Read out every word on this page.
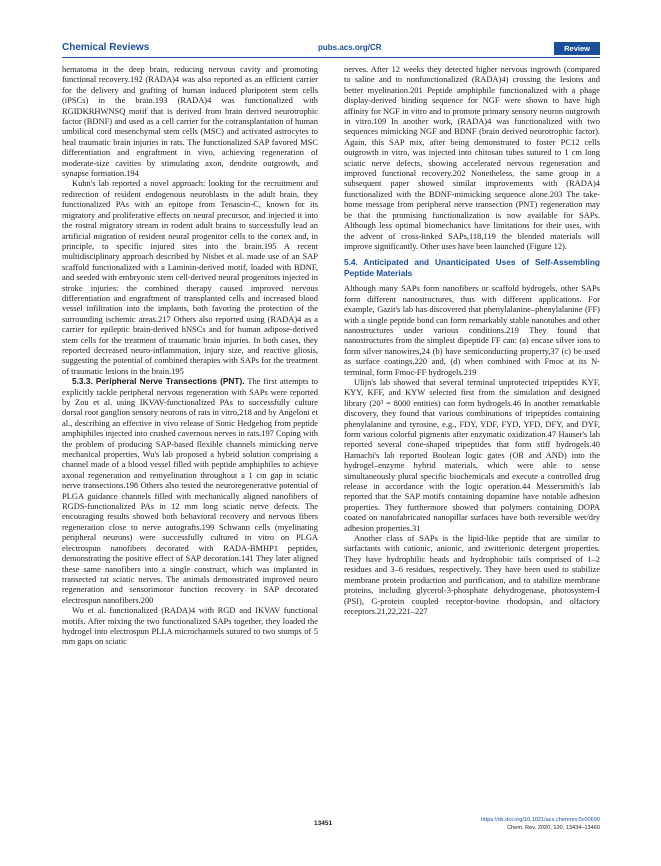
Chemical Reviews	pubs.acs.org/CR	Review

hematoma in the deep brain, reducing nervous cavity and promoting functional recovery.192 (RADA)4 was also reported as an efficient carrier for the delivery and grafting of human induced pluripotent stem cells (iPSCs) in the brain.193 (RADA)4 was functionalized with RGIDKRHWNSQ motif that is derived from brain derived neurotrophic factor (BDNF) and used as a cell carrier for the cotransplantation of human umbilical cord mesenchymal stem cells (MSC) and activated astrocytes to heal traumatic brain injuries in rats. The functionalized SAP favored MSC differentiation and engraftment in vivo, achieving regeneration of moderate-size cavities by stimulating axon, dendrite outgrowth, and synapse formation.194

Kuhn's lab reported a novel approach: looking for the recruitment and redirection of resident endogenous neuroblasts in the adult brain, they functionalized PAs with an epitope from Tenascin-C, known for its migratory and proliferative effects on neural precursor, and injected it into the rostral migratory stream in rodent adult brains to successfully lead an artificial migration of resident neural progenitor cells to the cortex and, in principle, to specific injured sites into the brain.195 A recent multidisciplinary approach described by Nisbet et al. made use of an SAP scaffold functionalized with a Laminin-derived motif, loaded with BDNF, and seeded with embryonic stem cell-derived neural progenitors injected in stroke injuries: the combined therapy caused improved nervous differentiation and engraftment of transplanted cells and increased blood vessel infiltration into the implants, both favoring the protection of the surrounding ischemic areas.217 Others also reported using (RADA)4 as a carrier for epileptic brain-derived hNSCs and for human adipose-derived stem cells for the treatment of traumatic brain injuries. In both cases, they reported decreased neuro-inflammation, injury size, and reactive gliosis, suggesting the potential of combined therapies with SAPs for the treatment of traumatic lesions in the brain.195

5.3.3. Peripheral Nerve Transections (PNT). The first attempts to explicitly tackle peripheral nervous regeneration with SAPs were reported by Zou et al. using IKVAV-functionalized PAs to successfully culture dorsal root ganglion sensory neurons of rats in vitro,218 and by Angeloni et al., describing an effective in vivo release of Sonic Hedgehog from peptide amphiphiles injected into crushed cavernous nerves in rats.197 Coping with the problem of producing SAP-based flexible channels mimicking nerve mechanical properties, Wu's lab proposed a hybrid solution comprising a channel made of a blood vessel filled with peptide amphiphiles to achieve axonal regeneration and remyelination throughout a 1 cm gap in sciatic nerve transections.198 Others also tested the neuroregenerative potential of PLGA guidance channels filled with mechanically aligned nanofibers of RGDS-functionalized PAs in 12 mm long sciatic nerve defects. The encouraging results showed both behavioral recovery and nervous fibers regeneration close to nerve autografts.199 Schwann cells (myelinating peripheral neurons) were successfully cultured in vitro on PLGA electrospun nanofibers decorated with RADA-BMHP1 peptides, demonstrating the positive effect of SAP decoration.141 They later aligned these same nanofibers into a single construct, which was implanted in transected rat sciatic nerves. The animals demonstrated improved neuro regeneration and sensorimotor function recovery in SAP decorated electrospun nanofibers.200

Wu et al. functionalized (RADA)4 with RGD and IKVAV functional motifs. After mixing the two functionalized SAPs together, they loaded the hydrogel into electrospun PLLA microchannels sutured to two stumps of 5 mm gaps on sciatic

nerves. After 12 weeks they detected higher nervous ingrowth (compared to saline and to nonfunctionalized (RADA)4) crossing the lesions and better myelination.201 Peptide amphiphile functionalized with a phage display-derived binding sequence for NGF were shown to have high affinity for NGF in vitro and to promote primary sensory neuron outgrowth in vitro.109 In another work, (RADA)4 was functionalized with two sequences mimicking NGF and BDNF (brain derived neurotrophic factor). Again, this SAP mix, after being demonstrated to foster PC12 cells outgrowth in vitro, was injected into chitosan tubes sutured to 1 cm long sciatic nerve defects, showing accelerated nervous regeneration and improved functional recovery.202 Nonetheless, the same group in a subsequent paper showed similar improvements with (RADA)4 functionalized with the BDNF-mimicking sequence alone.203 The take-home message from peripheral nerve transection (PNT) regeneration may be that the promising functionalization is now available for SAPs. Although less optimal biomechanics have limitations for their uses, with the advent of cross-linked SAPs,118,119 the blended materials will improve significantly. Other uses have been launched (Figure 12).

5.4. Anticipated and Unanticipated Uses of Self-Assembling Peptide Materials

Although many SAPs form nanofibers or scaffold hydrogels, other SAPs form different nanostructures, thus with different applications. For example, Gazit's lab has discovered that phenylalanine–phenylalanine (FF) with a single peptide bond can form remarkably stable nanotubes and other nanostructures under various conditions.219 They found that nanostructures from the simplest dipeptide FF can: (a) encase silver ions to form silver nanowires,24 (b) have semiconducting property,37 (c) be used as surface coatings,220 and, (d) when combined with Fmoc at its N-terminal, form Fmoc-FF hydrogels.219

Ulijn's lab showed that several terminal unprotected tripeptides KYF, KYY, KFF, and KYW selected first from the simulation and designed library (20³ = 8000 entities) can form hydrogels.46 In another remarkable discovery, they found that various combinations of tripeptides containing phenylalanine and tyrosine, e.g., FDY, YDF, FYD, YFD, DFY, and DYF, form various colorful pigments after enzymatic oxidization.47 Hauser's lab reported several cone-shaped tripeptides that form stiff hydrogels.40 Hamachi's lab reported Boolean logic gates (OR and AND) into the hydrogel–enzyme hybrid materials, which were able to sense simultaneously plural specific biochemicals and execute a controlled drug release in accordance with the logic operation.44 Messersmith's lab reported that the SAP motifs containing dopamine have notable adhesion properties. They furthermore showed that polymers containing DOPA coated on nanofabricated nanopillar surfaces have both reversible wet/dry adhesion properties.31

Another class of SAPs is the lipid-like peptide that are similar to surfactants with cationic, anionic, and zwitterionic detergent properties. They have hydrophilic heads and hydrophobic tails comprised of 1–2 residues and 3–6 residues, respectively. They have been used to stabilize membrane protein production and purification, and to stabilize membrane proteins, including glycerol-3-phosphate dehydrogenase, photosystem-I (PSI), G-protein coupled receptor-bovine rhodopsin, and olfactory receptors.21,22,221–227

13451	https://dx.doi.org/10.1021/acs.chemrev.0c00690
Chem. Rev. 2020, 120, 13434–13460
